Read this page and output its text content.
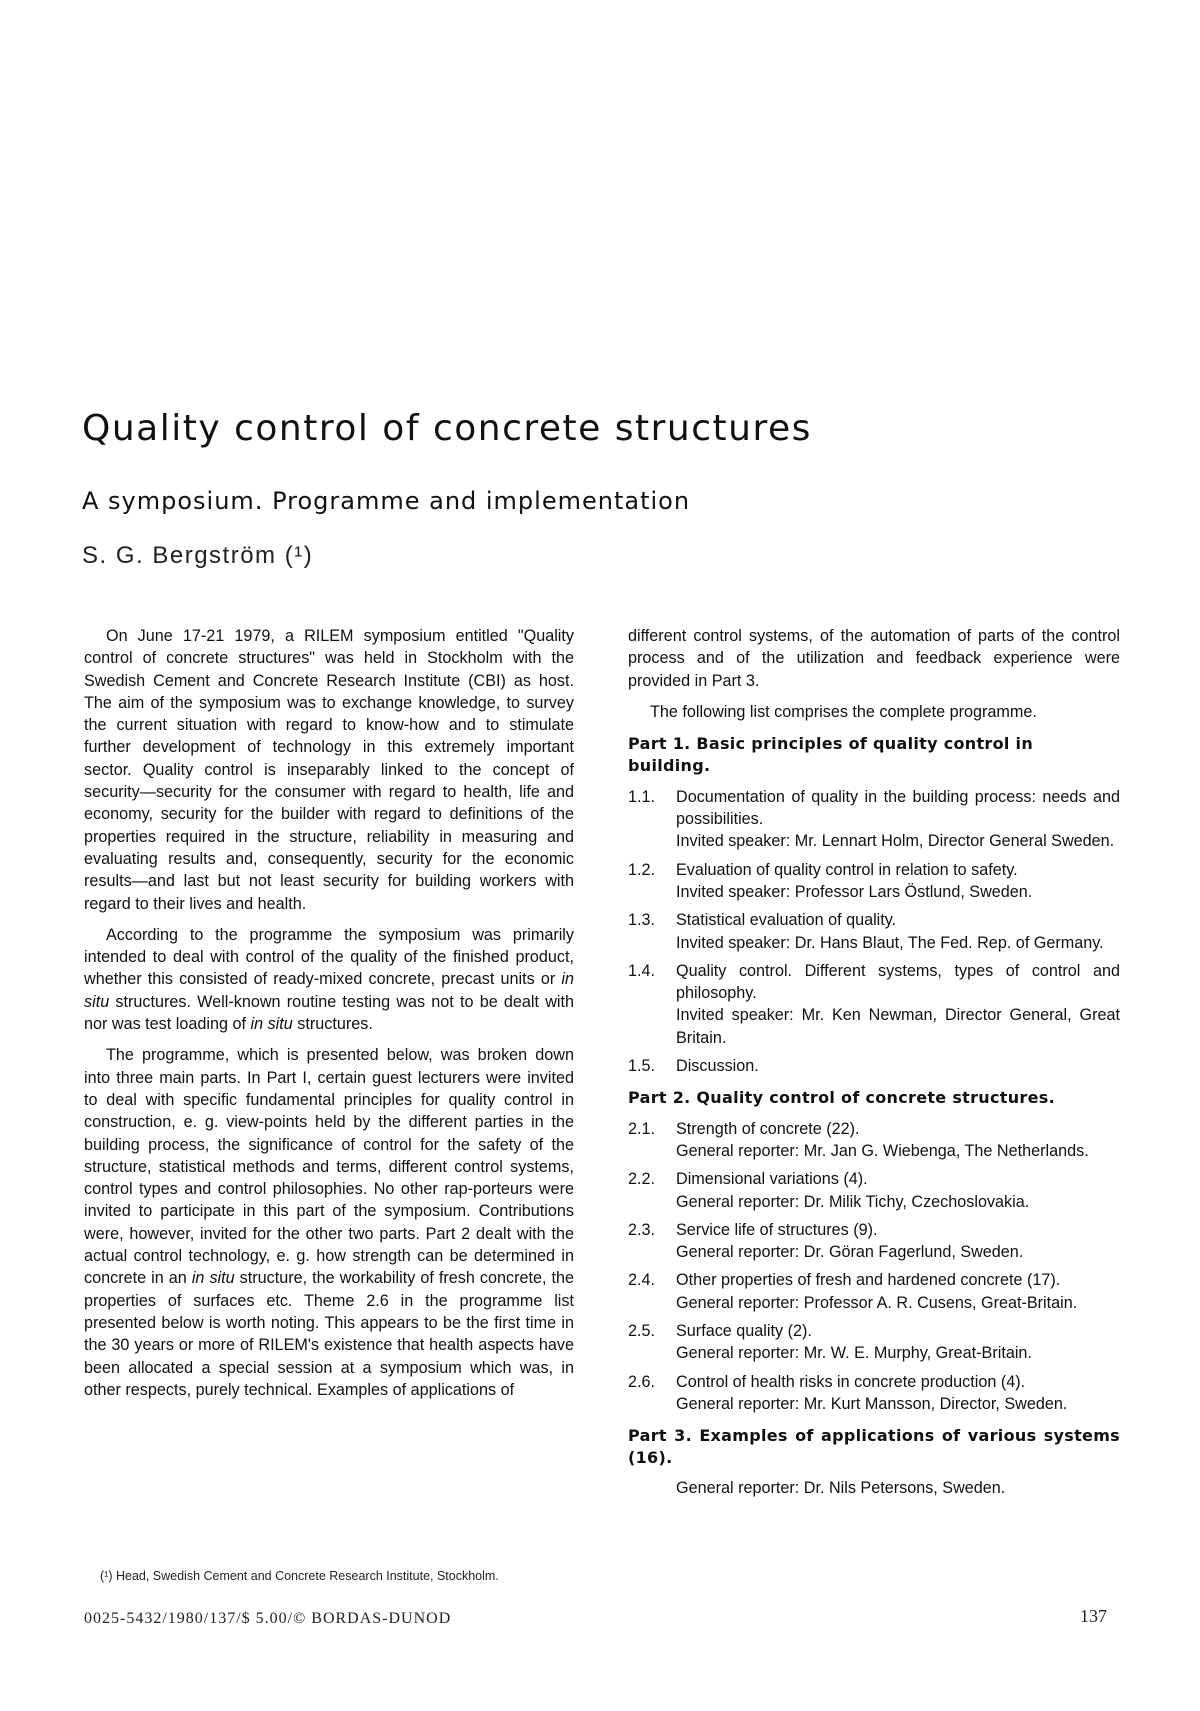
Quality control of concrete structures
A symposium. Programme and implementation
S. G. Bergström (¹)

On June 17-21 1979, a RILEM symposium entitled "Quality control of concrete structures" was held in Stockholm with the Swedish Cement and Concrete Research Institute (CBI) as host. The aim of the symposium was to exchange knowledge, to survey the current situation with regard to know-how and to stimulate further development of technology in this extremely important sector. Quality control is inseparably linked to the concept of security—security for the consumer with regard to health, life and economy, security for the builder with regard to definitions of the properties required in the structure, reliability in measuring and evaluating results and, consequently, security for the economic results—and last but not least security for building workers with regard to their lives and health.

According to the programme the symposium was primarily intended to deal with control of the quality of the finished product, whether this consisted of ready-mixed concrete, precast units or in situ structures. Well-known routine testing was not to be dealt with nor was test loading of in situ structures.

The programme, which is presented below, was broken down into three main parts. In Part I, certain guest lecturers were invited to deal with specific fundamental principles for quality control in construction, e. g. view-points held by the different parties in the building process, the significance of control for the safety of the structure, statistical methods and terms, different control systems, control types and control philosophies. No other rap-porteurs were invited to participate in this part of the symposium. Contributions were, however, invited for the other two parts. Part 2 dealt with the actual control technology, e. g. how strength can be determined in concrete in an in situ structure, the workability of fresh concrete, the properties of surfaces etc. Theme 2.6 in the programme list presented below is worth noting. This appears to be the first time in the 30 years or more of RILEM's existence that health aspects have been allocated a special session at a symposium which was, in other respects, purely technical. Examples of applications of

different control systems, of the automation of parts of the control process and of the utilization and feedback experience were provided in Part 3.

The following list comprises the complete programme.

Part 1. Basic principles of quality control in building.
1.1.	Documentation of quality in the building process: needs and possibilities.
Invited speaker: Mr. Lennart Holm, Director General Sweden.
1.2.	Evaluation of quality control in relation to safety.
Invited speaker: Professor Lars Östlund, Sweden.
1.3.	Statistical evaluation of quality.
Invited speaker: Dr. Hans Blaut, The Fed. Rep. of Germany.
1.4.	Quality control. Different systems, types of control and philosophy.
Invited speaker: Mr. Ken Newman, Director General, Great Britain.
1.5.	Discussion.
Part 2. Quality control of concrete structures.
2.1.	Strength of concrete (22).
General reporter: Mr. Jan G. Wiebenga, The Netherlands.
2.2.	Dimensional variations (4).
General reporter: Dr. Milik Tichy, Czechoslovakia.
2.3.	Service life of structures (9).
General reporter: Dr. Göran Fagerlund, Sweden.
2.4.	Other properties of fresh and hardened concrete (17).
General reporter: Professor A. R. Cusens, Great-Britain.
2.5.	Surface quality (2).
General reporter: Mr. W. E. Murphy, Great-Britain.
2.6.	Control of health risks in concrete production (4).
General reporter: Mr. Kurt Mansson, Director, Sweden.
Part 3. Examples of applications of various systems (16).
General reporter: Dr. Nils Petersons, Sweden.
(¹) Head, Swedish Cement and Concrete Research Institute, Stockholm.
0025-5432/1980/137/$ 5.00/© BORDAS-DUNOD	137
